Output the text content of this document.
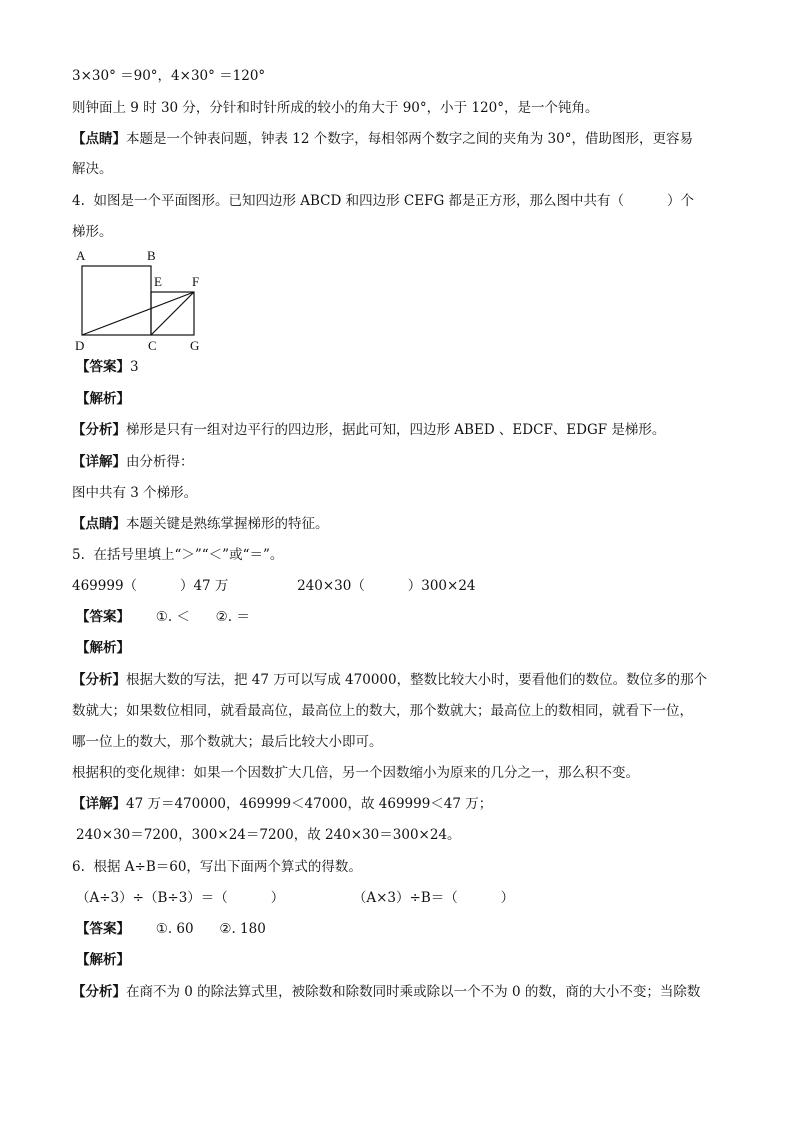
3×30° ＝90°，4×30° ＝120°
则钟面上 9 时 30 分，分针和时针所成的较小的角大于 90°，小于 120°，是一个钝角。
【点睛】本题是一个钟表问题，钟表 12 个数字，每相邻两个数字之间的夹角为 30°，借助图形，更容易
解决。
4.  如图是一个平面图形。已知四边形 ABCD 和四边形 CEFG 都是正方形，那么图中共有（          ）个
梯形。
A	B
E F
D	C	G
【答案】3
【解析】
【分析】梯形是只有一组对边平行的四边形，据此可知，四边形 ABED 、EDCF、EDGF 是梯形。
【详解】由分析得：
图中共有 3 个梯形。
【点睛】本题关键是熟练掌握梯形的特征。
5.  在括号里填上“＞”“＜”或“＝”。
469999（          ）47 万                240×30（          ）300×24
【答案】      ①. ＜      ②. ＝
【解析】
【分析】根据大数的写法，把 47 万可以写成 470000，整数比较大小时，要看他们的数位。数位多的那个
数就大；如果数位相同，就看最高位，最高位上的数大，那个数就大；最高位上的数相同，就看下一位，
哪一位上的数大，那个数就大；最后比较大小即可。
根据积的变化规律：如果一个因数扩大几倍，另一个因数缩小为原来的几分之一，那么积不变。
【详解】47 万＝470000，469999＜47000，故 469999＜47 万；
240×30＝7200，300×24＝7200，故 240×30＝300×24。
6.  根据 A÷B＝60，写出下面两个算式的得数。
（A÷3）÷（B÷3）＝（          ）                （A×3）÷B＝（          ）
【答案】      ①. 60      ②. 180
【解析】
【分析】在商不为 0 的除法算式里，被除数和除数同时乘或除以一个不为 0 的数，商的大小不变；当除数
